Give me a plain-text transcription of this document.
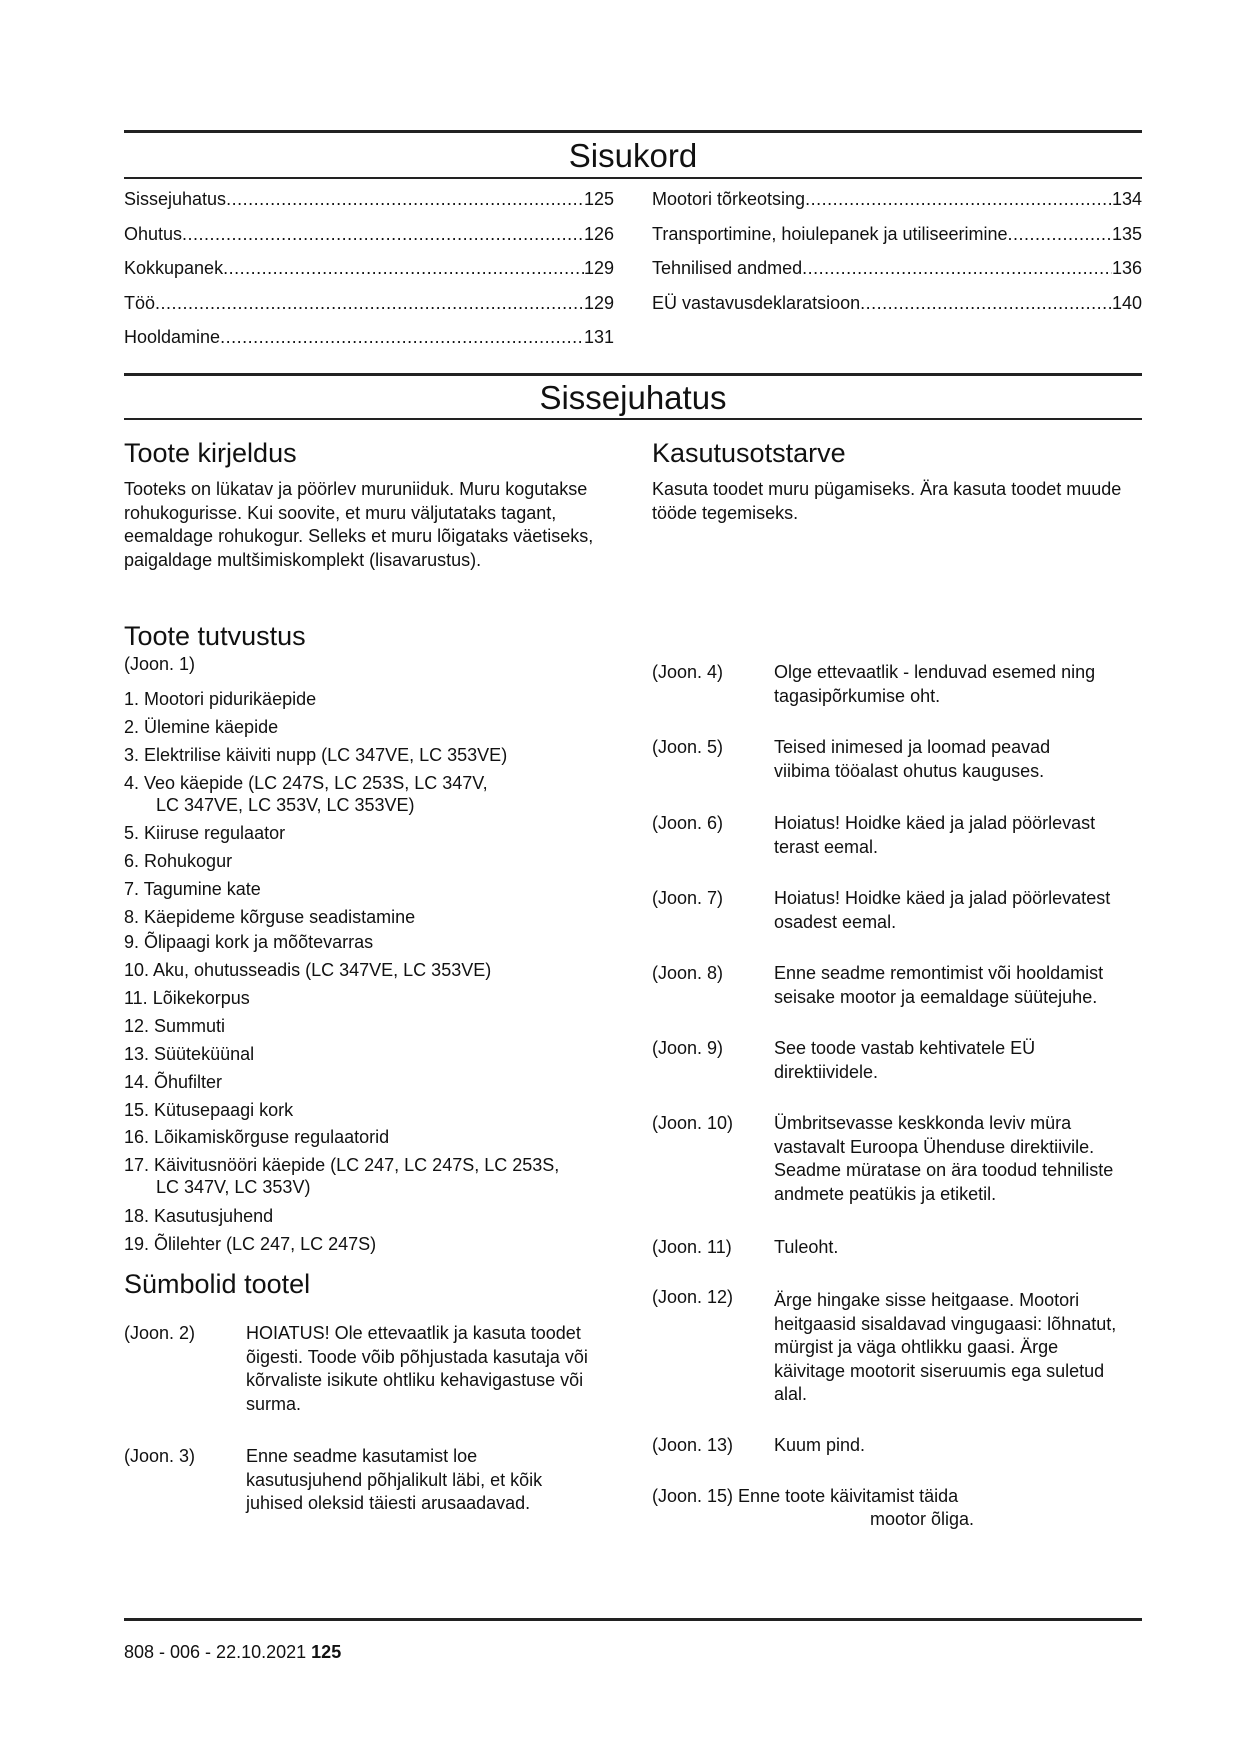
Sisukord
Sissejuhatus .....	125
Ohutus .....	126
Kokkupanek .....	129
Töö .....	129
Hooldamine .....	131
Mootori tõrkeotsing .....	134
Transportimine, hoiulepanek ja utiliseerimine .....	135
Tehnilised andmed .....	136
EÜ vastavusdeklaratsioon .....	140
Sissejuhatus
Toote kirjeldus

Tooteks on lükatav ja pöörlev muruniiduk. Muru kogutakse rohukogurisse. Kui soovite, et muru väljutataks tagant, eemaldage rohukogur. Selleks et muru lõigataks väetiseks, paigaldage multšimiskomplekt (lisavarustus).

Kasutusotstarve

Kasuta toodet muru pügamiseks. Ära kasuta toodet muude tööde tegemiseks.

Toote tutvustus

(Joon. 1)

1. Mootori pidurikäepide
2. Ülemine käepide
3. Elektrilise käiviti nupp (LC 347VE, LC 353VE)
4. Veo käepide (LC 247S, LC 253S, LC 347V,
LC 347VE, LC 353V, LC 353VE)
5. Kiiruse regulaator
6. Rohukogur
7. Tagumine kate
8. Käepideme kõrguse seadistamine
9. Õlipaagi kork ja mõõtevarras
10. Aku, ohutusseadis (LC 347VE, LC 353VE)
11. Lõikekorpus
12. Summuti
13. Süüteküünal
14. Õhufilter
15. Kütusepaagi kork
16. Lõikamiskõrguse regulaatorid
17. Käivitusnööri käepide (LC 247, LC 247S, LC 253S,
LC 347V, LC 353V)
18. Kasutusjuhend
19. Õlilehter (LC 247, LC 247S)
Sümbolid tootel
(Joon. 2)	HOIATUS! Ole ettevaatlik ja kasuta toodet õigesti. Toode võib põhjustada kasutaja või kõrvaliste isikute ohtliku kehavigastuse või surma.
(Joon. 3)	Enne seadme kasutamist loe kasutusjuhend põhjalikult läbi, et kõik juhised oleksid täiesti arusaadavad.
(Joon. 4)	Olge ettevaatlik - lenduvad esemed ning tagasipõrkumise oht.
(Joon. 5)	Teised inimesed ja loomad peavad viibima tööalast ohutus kauguses.
(Joon. 6)	Hoiatus! Hoidke käed ja jalad pöörlevast terast eemal.
(Joon. 7)	Hoiatus! Hoidke käed ja jalad pöörlevatest osadest eemal.
(Joon. 8)	Enne seadme remontimist või hooldamist seisake mootor ja eemaldage süütejuhe.
(Joon. 9)	See toode vastab kehtivatele EÜ direktiividele.
(Joon. 10) Ümbritsevasse keskkonda leviv müra vastavalt Euroopa Ühenduse direktiivile. Seadme müratase on ära toodud tehniliste andmete peatükis ja etiketil.
(Joon. 11) Tuleoht.
(Joon. 12) Ärge hingake sisse heitgaase. Mootori heitgaasid sisaldavad vingugaasi: lõhnatut, mürgist ja väga ohtlikku gaasi. Ärge käivitage mootorit siseruumis ega suletud alal.
(Joon. 13) Kuum pind.
(Joon. 15) Enne toote käivitamist täida
mootor õliga.
808 - 006 - 22.10.2021 125
